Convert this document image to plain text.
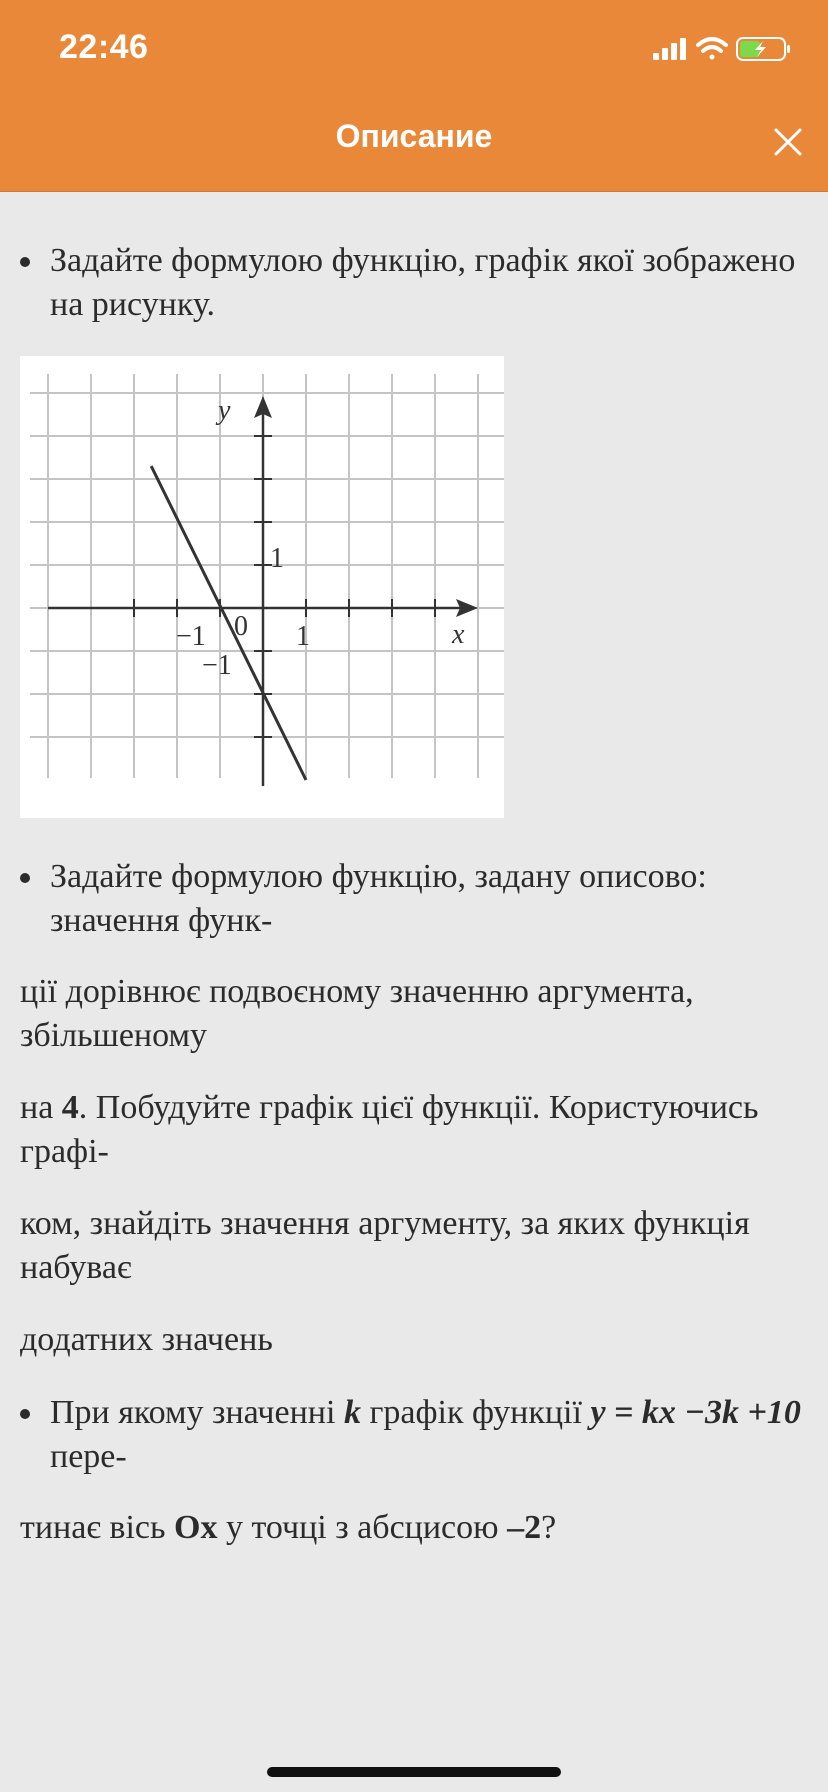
22:46
Описание
Задайте формулою функцію, графік якої зображено на рисунку.
y
x
0 1
−1
1
−1
Задайте формулою функцію, задану описово: значення функ-
ції дорівнює подвоєному значенню аргумента, збільшеному
на 4. Побудуйте графік цієї функції. Користуючись графі-
ком, знайдіть значення аргументу, за яких функція набуває
додатних значень
При якому значенні k графік функції y = kx −3k +10 пере-
тинає вісь Ox у точці з абсцисою –2?
